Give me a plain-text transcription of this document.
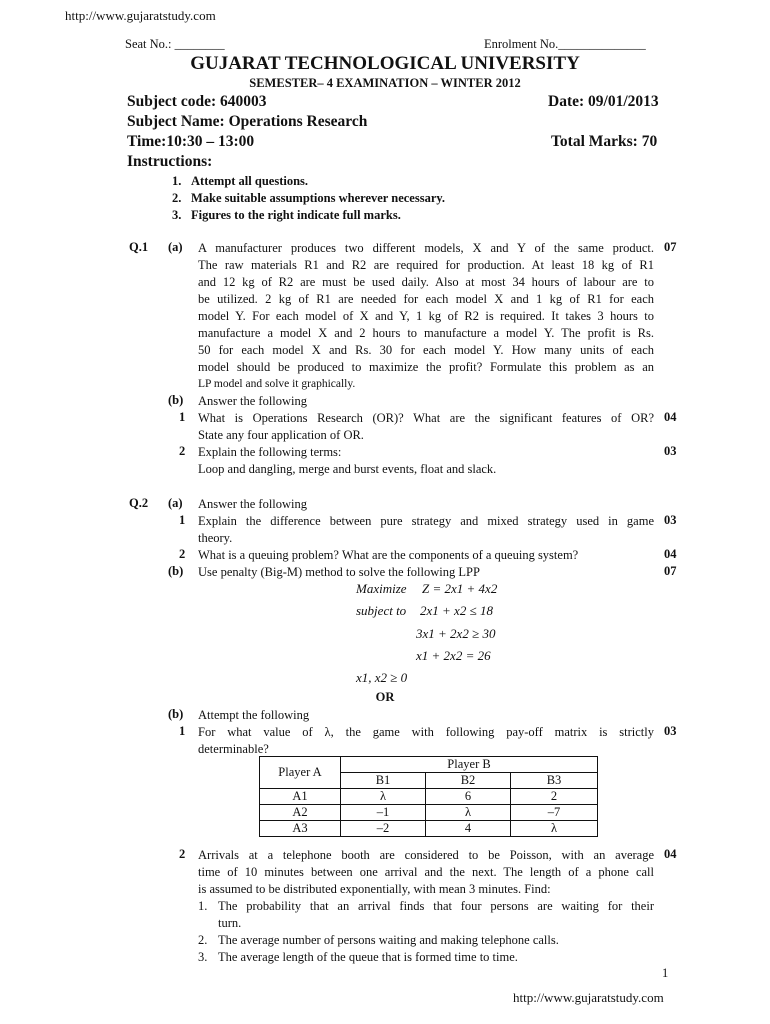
http://www.gujaratstudy.com
Seat No.: ________	Enrolment No.______________
GUJARAT TECHNOLOGICAL UNIVERSITY
SEMESTER– 4 EXAMINATION – WINTER 2012
Subject code: 640003	Date: 09/01/2013
Subject Name: Operations Research
Time:10:30 – 13:00	Total Marks: 70
Instructions:
1. Attempt all questions.
2. Make suitable assumptions wherever necessary.
3. Figures to the right indicate full marks.
Q.1 (a)	07
A manufacturer produces two different models, X and Y of the same product.
The raw materials R1 and R2 are required for production. At least 18 kg of R1
and 12 kg of R2 are must be used daily. Also at most 34 hours of labour are to
be utilized. 2 kg of R1 are needed for each model X and 1 kg of R1 for each
model Y. For each model of X and Y, 1 kg of R2 is required. It takes 3 hours to
manufacture a model X and 2 hours to manufacture a model Y. The profit is Rs.
50 for each model X and Rs. 30 for each model Y. How many units of each
model should be produced to maximize the profit? Formulate this problem as an
LP model and solve it graphically.
(b) Answer the following
1 What is Operations Research (OR)? What are the significant features of OR? 04
State any four application of OR.
2 Explain the following terms:	03
Loop and dangling, merge and burst events, float and slack.
Q.2 (a) Answer the following
1 Explain the difference between pure strategy and mixed strategy used in game 03
theory.
2 What is a queuing problem? What are the components of a queuing system?	04
(b) Use penalty (Big-M) method to solve the following LPP	07
Maximize Z = 2x1 + 4x2
subject to 2x1 + x2 ≤ 18
3x1 + 2x2 ≥ 30
x1 + 2x2 = 26
x1, x2 ≥ 0
OR
(b) Attempt the following
1 For what value of λ, the game with following pay-off matrix is strictly 03
determinable?
Player A	Player B		
	B1	B2	B3
A1	λ	6	2
A2	–1	λ	–7
A3	–2	4	λ
2 Arrivals at a telephone booth are considered to be Poisson, with an average 04
time of 10 minutes between one arrival and the next. The length of a phone call
is assumed to be distributed exponentially, with mean 3 minutes. Find:
1. The probability that an arrival finds that four persons are waiting for their
turn.
2. The average number of persons waiting and making telephone calls.
3. The average length of the queue that is formed time to time.
1
http://www.gujaratstudy.com
